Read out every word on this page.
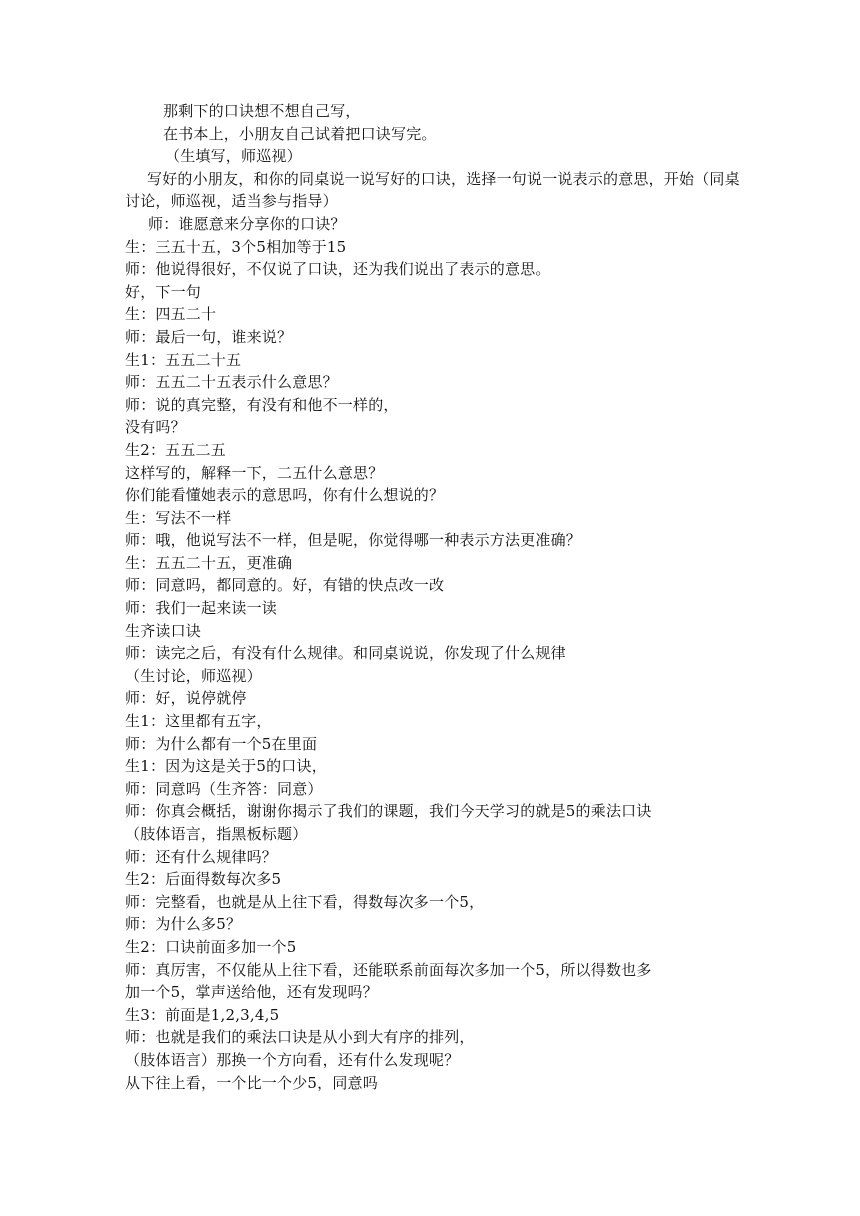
那剩下的口诀想不想自己写，
在书本上，小朋友自己试着把口诀写完。
（生填写，师巡视）
写好的小朋友，和你的同桌说一说写好的口诀，选择一句说一说表示的意思，开始（同桌讨论，师巡视，适当参与指导）
师：谁愿意来分享你的口诀？
生：三五十五，3个5相加等于15
师：他说得很好，不仅说了口诀，还为我们说出了表示的意思。
好，下一句
生：四五二十
师：最后一句，谁来说？
生1：五五二十五
师：五五二十五表示什么意思？
师：说的真完整，有没有和他不一样的，
没有吗？
生2：五五二五
这样写的，解释一下，二五什么意思？
你们能看懂她表示的意思吗，你有什么想说的？
生：写法不一样
师：哦，他说写法不一样，但是呢，你觉得哪一种表示方法更准确？
生：五五二十五，更准确
师：同意吗，都同意的。好，有错的快点改一改
师：我们一起来读一读
生齐读口诀
师：读完之后，有没有什么规律。和同桌说说，你发现了什么规律
（生讨论，师巡视）
师：好，说停就停
生1：这里都有五字，
师：为什么都有一个5在里面
生1：因为这是关于5的口诀，
师：同意吗（生齐答：同意）
师：你真会概括，谢谢你揭示了我们的课题，我们今天学习的就是5的乘法口诀
（肢体语言，指黑板标题）
师：还有什么规律吗？
生2：后面得数每次多5
师：完整看，也就是从上往下看，得数每次多一个5，
师：为什么多5？
生2：口诀前面多加一个5
师：真厉害，不仅能从上往下看，还能联系前面每次多加一个5，所以得数也多
加一个5，掌声送给他，还有发现吗？
生3：前面是1,2,3,4,5
师：也就是我们的乘法口诀是从小到大有序的排列，
（肢体语言）那换一个方向看，还有什么发现呢？
从下往上看，一个比一个少5，同意吗
